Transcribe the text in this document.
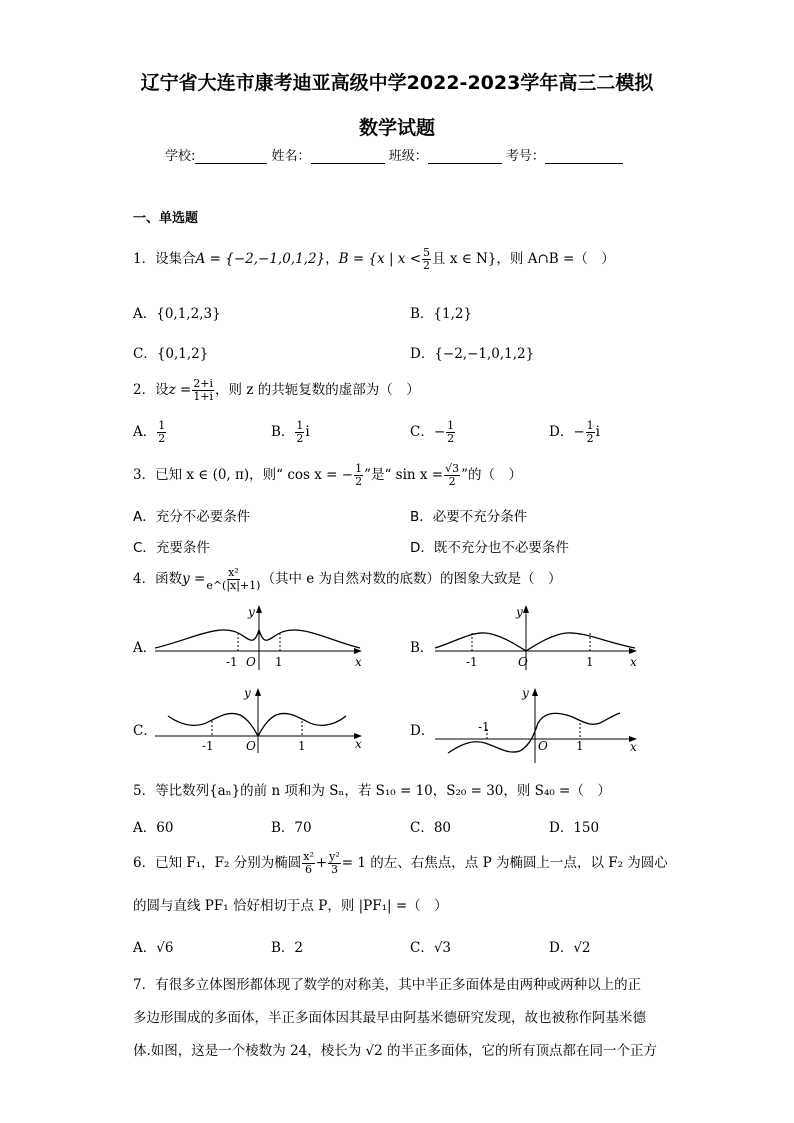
辽宁省大连市康考迪亚高级中学2022-2023学年高三二模拟
数学试题
学校:	姓名：	班级：	考号：
一、单选题
1．设集合A = {−2,−1,0,1,2}，B = {x | $x < \frac{5}{2}$ 且 x ∈ N}，则 A∩B =（　）
A．{0,1,2,3}	B．{1,2}
C．{0,1,2}	D．{−2,−1,0,1,2}
2．设$z = \frac{2+i}{1+i}$ ，则 z 的共轭复数的虚部为（　）
A． $\frac{1}{2}$	B． $\frac{1}{2}$ i	C．− $\frac{1}{2}$	D．− $\frac{1}{2}$ i
3．已知 x ∈ (0, π)，则“ cos x = − $\frac{1}{2}$ ”是“ $\sin x = \frac{√3}{2}$ ”的（　）
A．充分不必要条件	B．必要不充分条件
C．充要条件	D．既不充分也不必要条件
4．函数$y = \frac{\text{x²}}{e\^{}(|x|+1)}$ （其中 e 为自然对数的底数）的图象大致是（　）
A．
y
x
O
-1	1
B．
y
x
O
-1	1
C．
y
x
O
-1	1
D．
y
x
O
-1
1
5．等比数列{aₙ}的前 n 项和为 Sₙ，若 S₁₀ = 10，S₂₀ = 30，则 S₄₀ =（　）
A．60	B．70	C．80	D．150
6．已知 F₁，F₂ 分别为椭圆 $\frac{\text{x²}}{6} + \frac{\text{y²}}{3} = 1$ 的左、右焦点，点 P 为椭圆上一点，以 F₂ 为圆心
的圆与直线 PF₁ 恰好相切于点 P，则 |PF₁| =（　）
A．√6	B．2	C．√3	D．√2
7．有很多立体图形都体现了数学的对称美，其中半正多面体是由两种或两种以上的正
多边形围成的多面体，半正多面体因其最早由阿基米德研究发现，故也被称作阿基米德
体.如图，这是一个棱数为 24，棱长为 √2 的半正多面体，它的所有顶点都在同一个正方
